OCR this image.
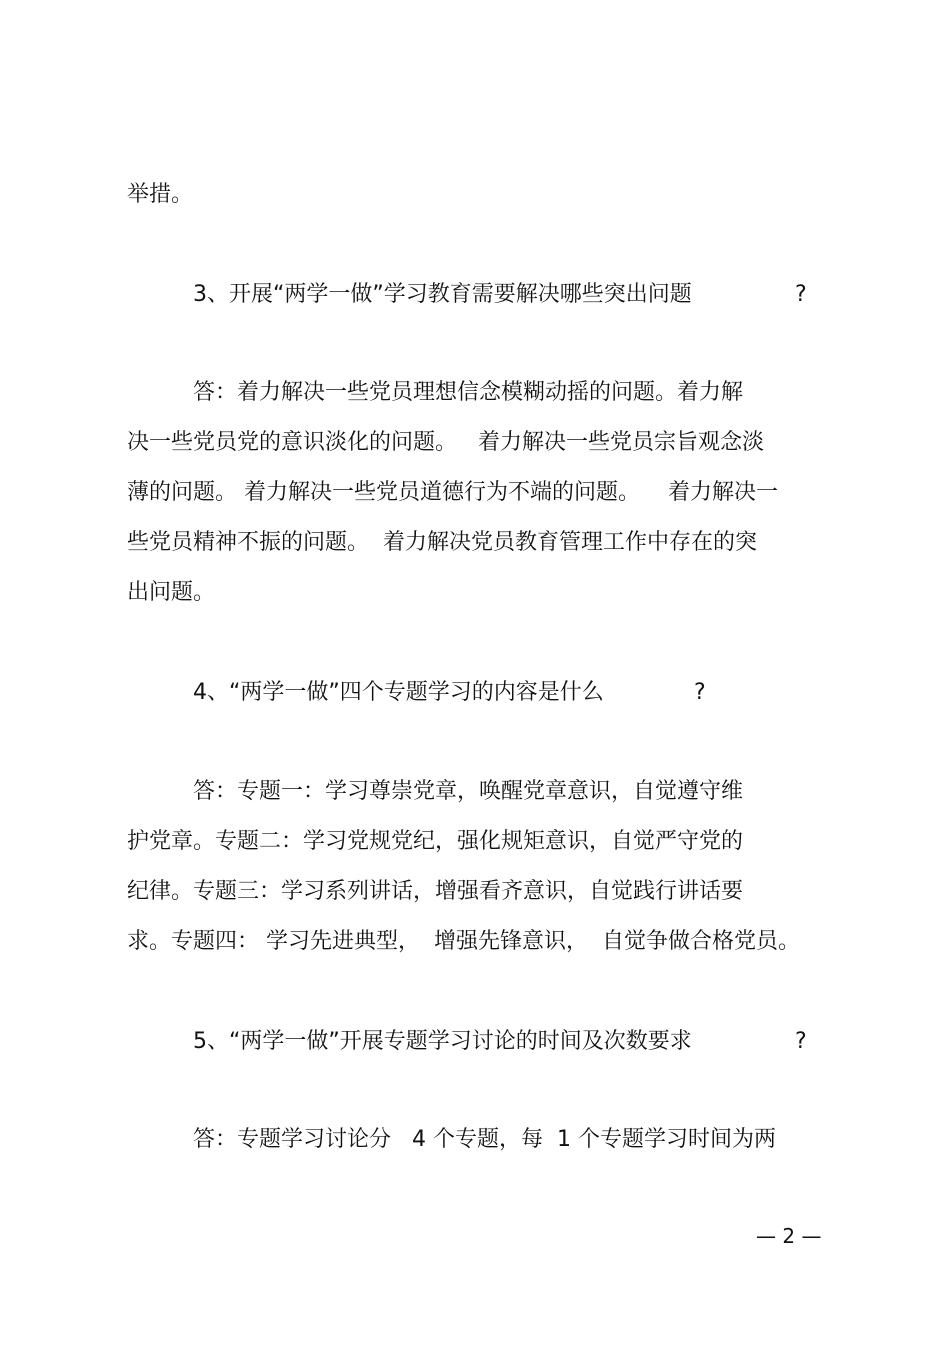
举措。

3、开展“两学一做”学习教育需要解决哪些突出问题	?

答：着力解决一些党员理想信念模糊动摇的问题。着力解

决一些党员党的意识淡化的问题。   着力解决一些党员宗旨观念淡

薄的问题。 着力解决一些党员道德行为不端的问题。    着力解决一

些党员精神不振的问题。  着力解决党员教育管理工作中存在的突

出问题。

4、“两学一做”四个专题学习的内容是什么	?

答：专题一：学习尊崇党章，唤醒党章意识，自觉遵守维

护党章。专题二：学习党规党纪，强化规矩意识，自觉严守党的

纪律。专题三：学习系列讲话，增强看齐意识，自觉践行讲话要

求。专题四： 学习先进典型，  增强先锋意识，  自觉争做合格党员。

5、“两学一做”开展专题学习讨论的时间及次数要求	?

答：专题学习讨论分   4 个专题，每  1 个专题学习时间为两

— 2 —
